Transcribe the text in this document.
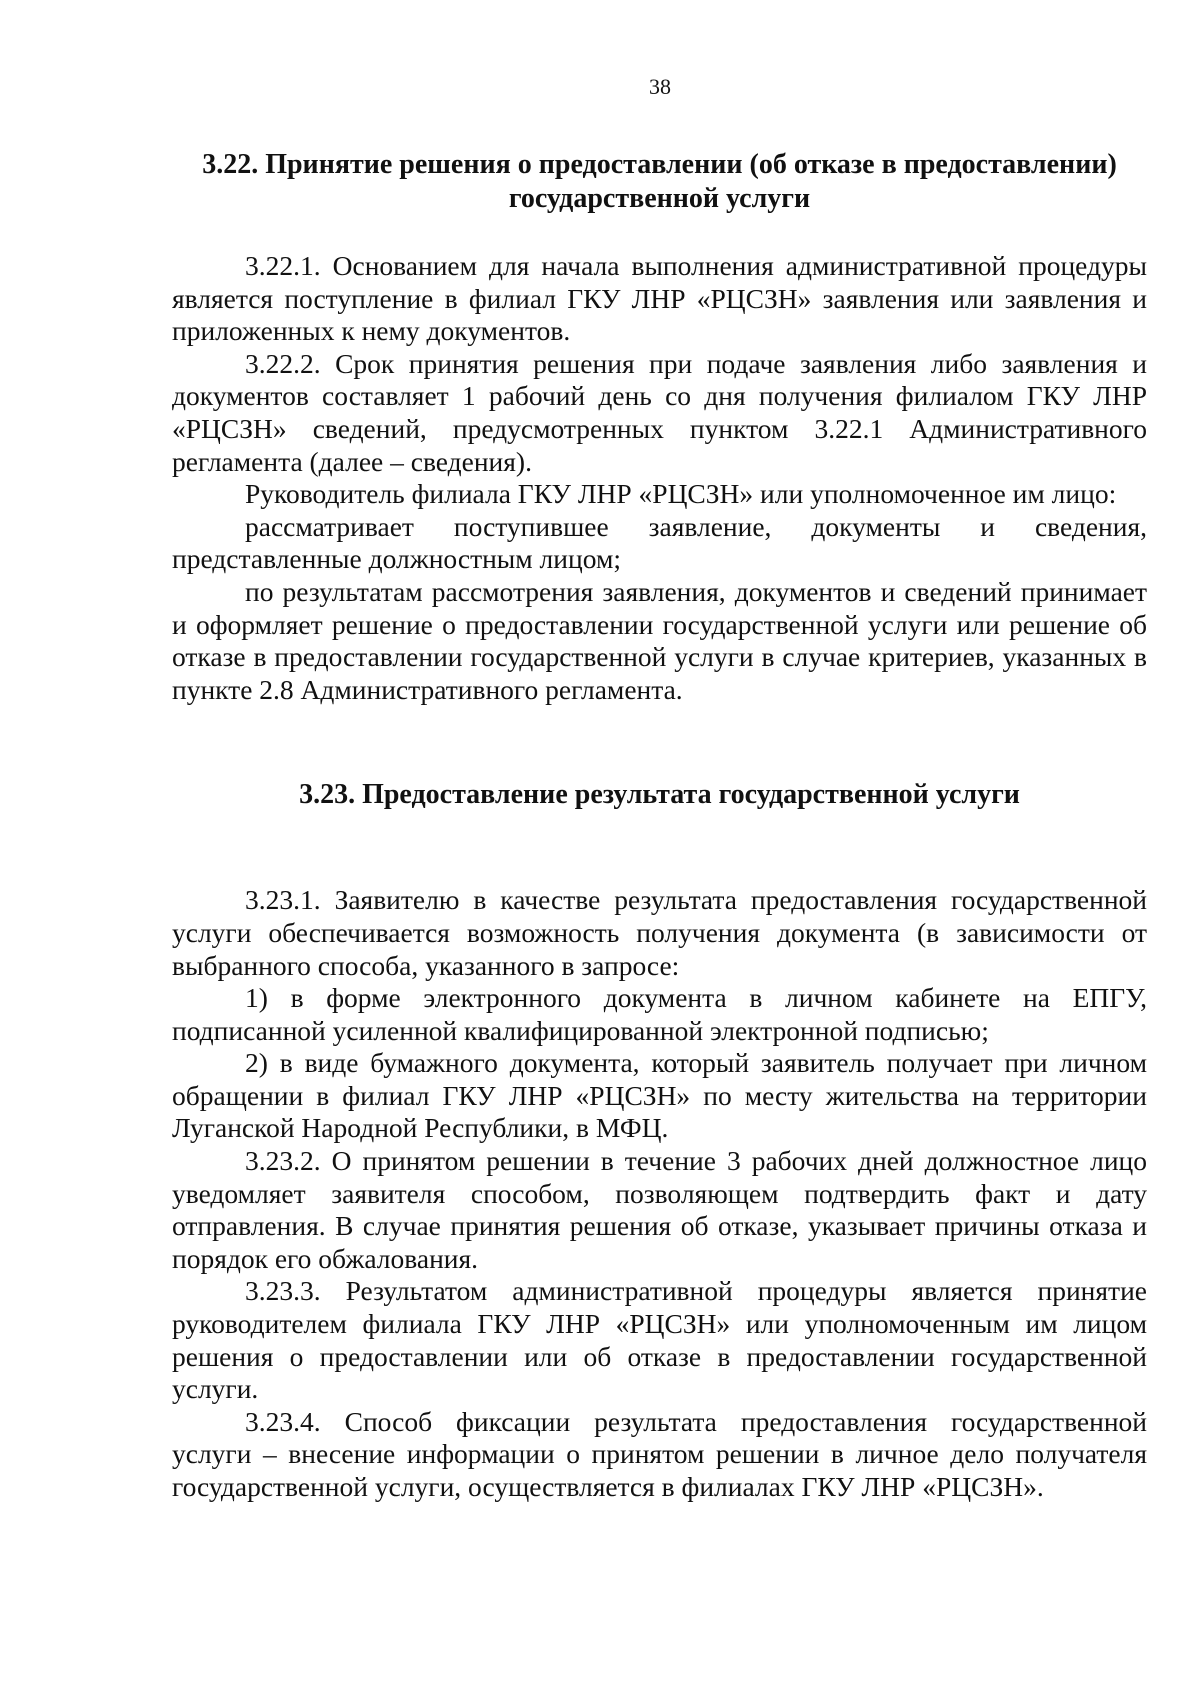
38
3.22. Принятие решения о предоставлении (об отказе в предоставлении)
государственной услуги

3.22.1. Основанием для начала выполнения административной процедуры является поступление в филиал ГКУ ЛНР «РЦСЗН» заявления или заявления и приложенных к нему документов.

3.22.2. Срок принятия решения при подаче заявления либо заявления и документов составляет 1 рабочий день со дня получения филиалом ГКУ ЛНР «РЦСЗН» сведений, предусмотренных пунктом 3.22.1 Административного регламента (далее – сведения).

Руководитель филиала ГКУ ЛНР «РЦСЗН» или уполномоченное им лицо:

рассматривает поступившее заявление, документы и сведения, представленные должностным лицом;

по результатам рассмотрения заявления, документов и сведений принимает и оформляет решение о предоставлении государственной услуги или решение об отказе в предоставлении государственной услуги в случае критериев, указанных в пункте 2.8 Административного регламента.

3.23. Предоставление результата государственной услуги

3.23.1. Заявителю в качестве результата предоставления государственной услуги обеспечивается возможность получения документа (в зависимости от выбранного способа, указанного в запросе:

1) в форме электронного документа в личном кабинете на ЕПГУ, подписанной усиленной квалифицированной электронной подписью;

2) в виде бумажного документа, который заявитель получает при личном обращении в филиал ГКУ ЛНР «РЦСЗН» по месту жительства на территории Луганской Народной Республики, в МФЦ.

3.23.2. О принятом решении в течение 3 рабочих дней должностное лицо уведомляет заявителя способом, позволяющем подтвердить факт и дату отправления. В случае принятия решения об отказе, указывает причины отказа и порядок его обжалования.

3.23.3. Результатом административной процедуры является принятие руководителем филиала ГКУ ЛНР «РЦСЗН» или уполномоченным им лицом решения о предоставлении или об отказе в предоставлении государственной услуги.

3.23.4. Способ фиксации результата предоставления государственной услуги – внесение информации о принятом решении в личное дело получателя государственной услуги, осуществляется в филиалах ГКУ ЛНР «РЦСЗН».
